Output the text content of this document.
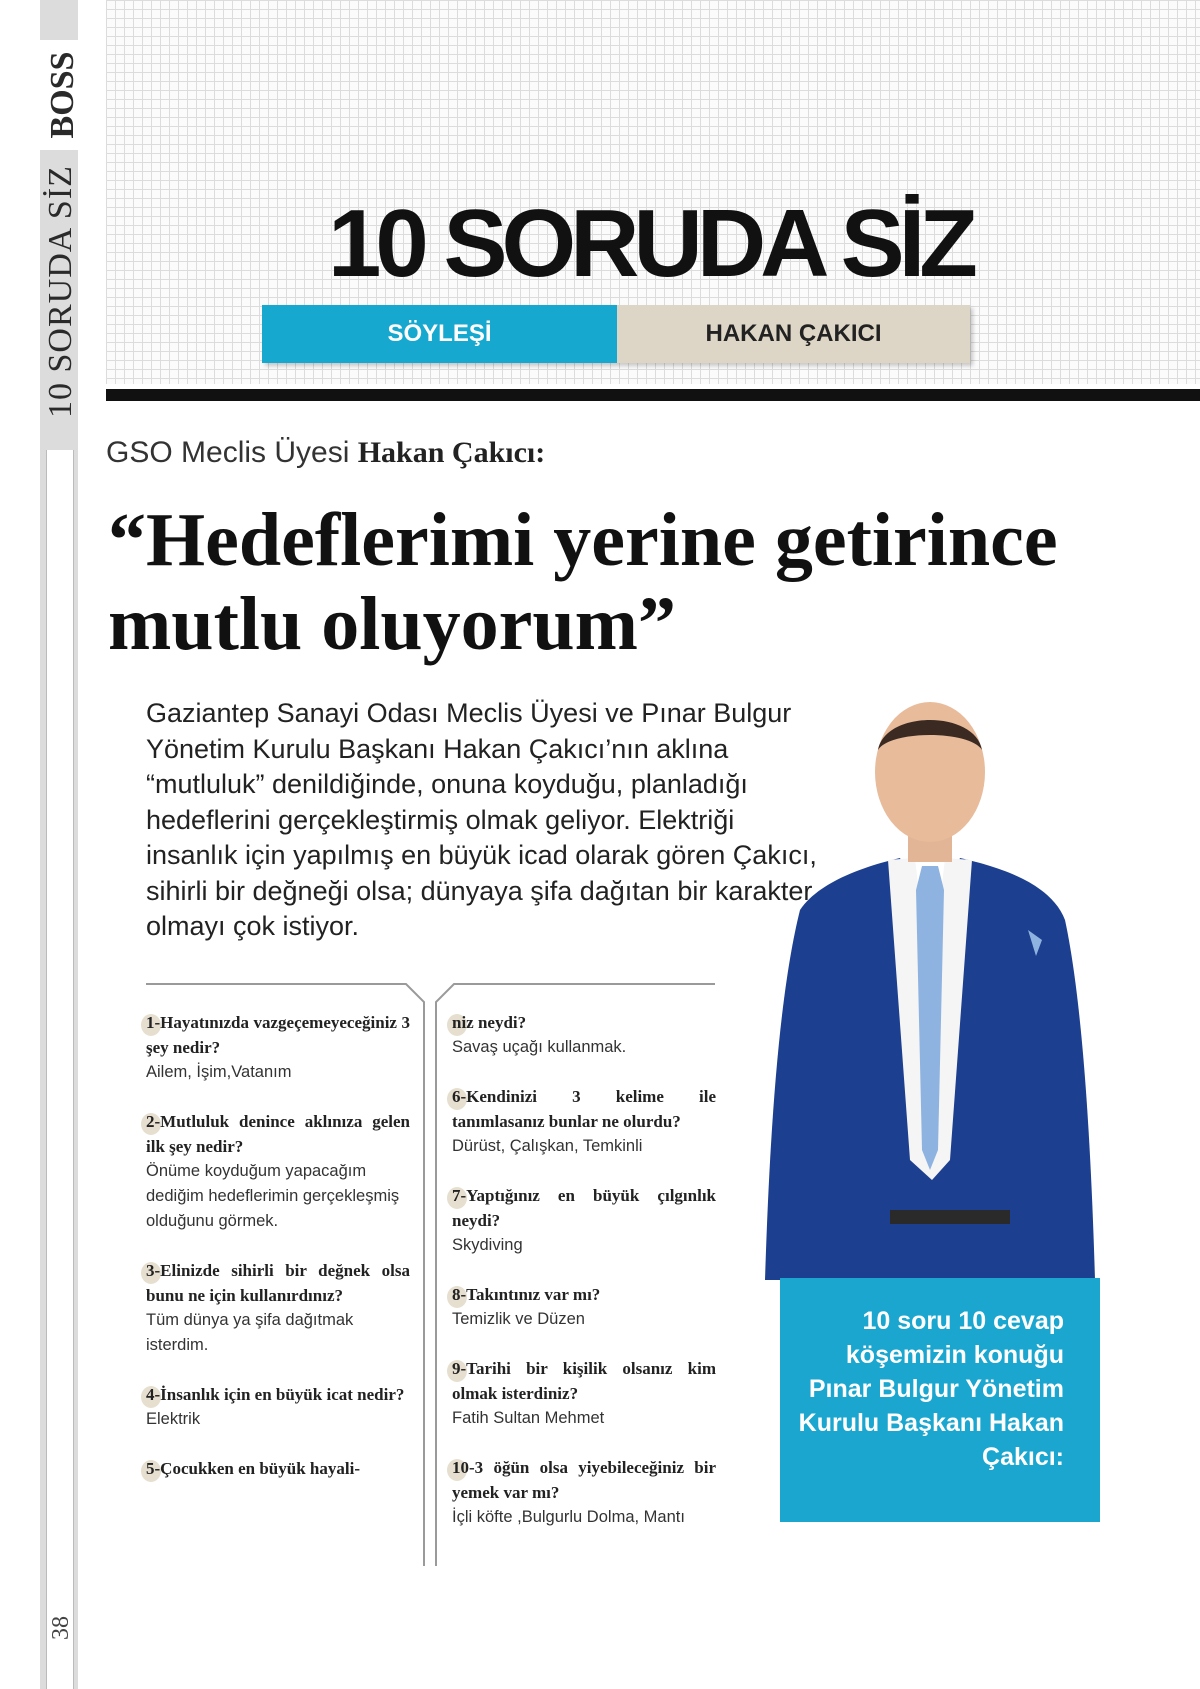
BOSS
10 SORUDA SİZ
38
10 SORUDA SİZ
SÖYLEŞİ	HAKAN ÇAKICI
GSO Meclis Üyesi Hakan Çakıcı:
“Hedeflerimi yerine getirince mutlu oluyorum”
Gaziantep Sanayi Odası Meclis Üyesi ve Pınar Bulgur Yönetim Kurulu Başkanı Hakan Çakıcı’nın aklına “mutluluk” denildiğinde, onuna koyduğu, planladığı hedeflerini gerçekleştirmiş olmak geliyor. Elektriği insanlık için yapılmış en büyük icad olarak gören Çakıcı, sihirli bir değneği olsa; dünyaya şifa dağıtan bir karakter olmayı çok istiyor.
1-Hayatınızda vazgeçemeyeceğiniz 3 şey nedir?
Ailem, İşim,Vatanım
2-Mutluluk denince aklınıza gelen ilk şey nedir?
Önüme koyduğum yapacağım dediğim hedeflerimin gerçekleşmiş olduğunu görmek.
3-Elinizde sihirli bir değnek olsa bunu ne için kullanırdınız?
Tüm dünya ya şifa dağıtmak isterdim.
4-İnsanlık için en büyük icat nedir?
Elektrik
5-Çocukken en büyük hayali-
niz neydi?
Savaş uçağı kullanmak.
6-Kendinizi 3 kelime ile tanımlasanız bunlar ne olurdu?
Dürüst, Çalışkan, Temkinli
7-Yaptığınız en büyük çılgınlık neydi?
Skydiving
8-Takıntınız var mı?
Temizlik ve Düzen
9-Tarihi bir kişilik olsanız kim olmak isterdiniz?
Fatih Sultan Mehmet
10-3 öğün olsa yiyebileceğiniz bir yemek var mı?
İçli köfte ,Bulgurlu Dolma, Mantı
10 soru 10 cevap köşemizin konuğu Pınar Bulgur Yönetim Kurulu Başkanı Hakan Çakıcı:
